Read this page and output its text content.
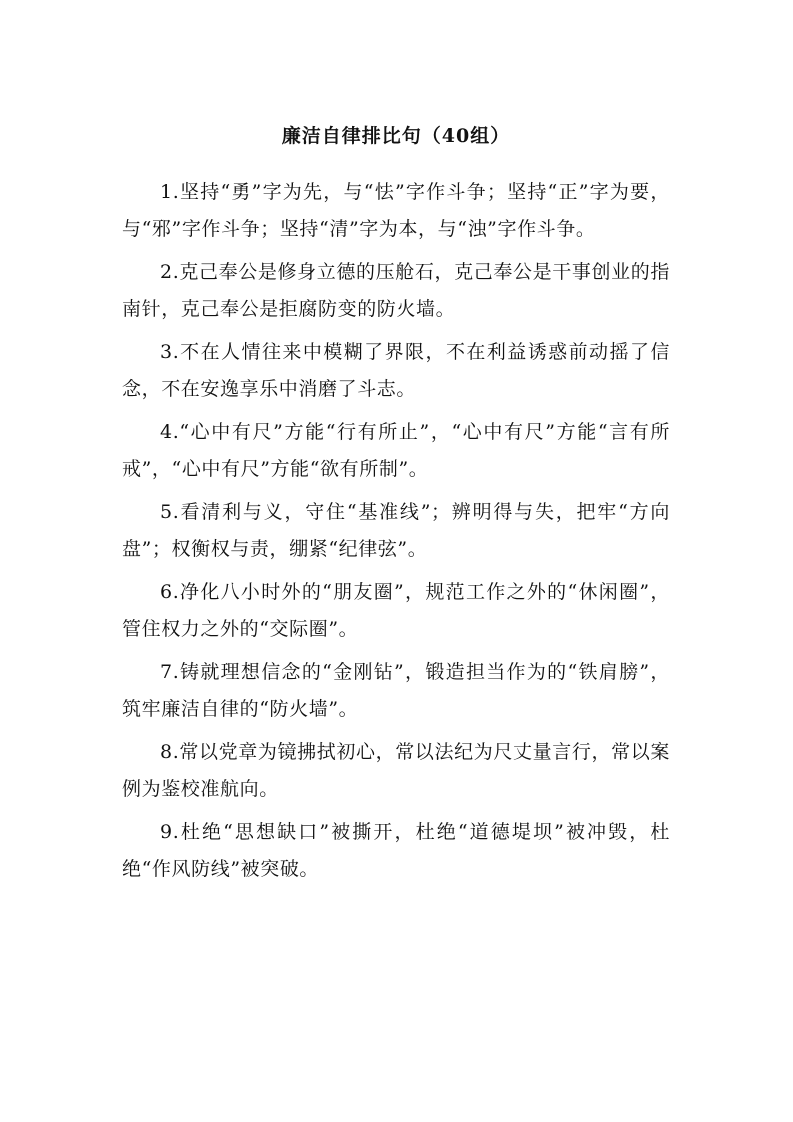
廉洁自律排比句（40组）

1.坚持“勇”字为先，与“怯”字作斗争；坚持“正”字为要，与“邪”字作斗争；坚持“清”字为本，与“浊”字作斗争。

2.克己奉公是修身立德的压舱石，克己奉公是干事创业的指南针，克己奉公是拒腐防变的防火墙。

3.不在人情往来中模糊了界限，不在利益诱惑前动摇了信念，不在安逸享乐中消磨了斗志。

4.“心中有尺”方能“行有所止”，“心中有尺”方能“言有所戒”，“心中有尺”方能“欲有所制”。

5.看清利与义，守住“基准线”；辨明得与失，把牢“方向盘”；权衡权与责，绷紧“纪律弦”。

6.净化八小时外的“朋友圈”，规范工作之外的“休闲圈”，管住权力之外的“交际圈”。

7.铸就理想信念的“金刚钻”，锻造担当作为的“铁肩膀”，筑牢廉洁自律的“防火墙”。

8.常以党章为镜拂拭初心，常以法纪为尺丈量言行，常以案例为鉴校准航向。

9.杜绝“思想缺口”被撕开，杜绝“道德堤坝”被冲毁，杜绝“作风防线”被突破。
